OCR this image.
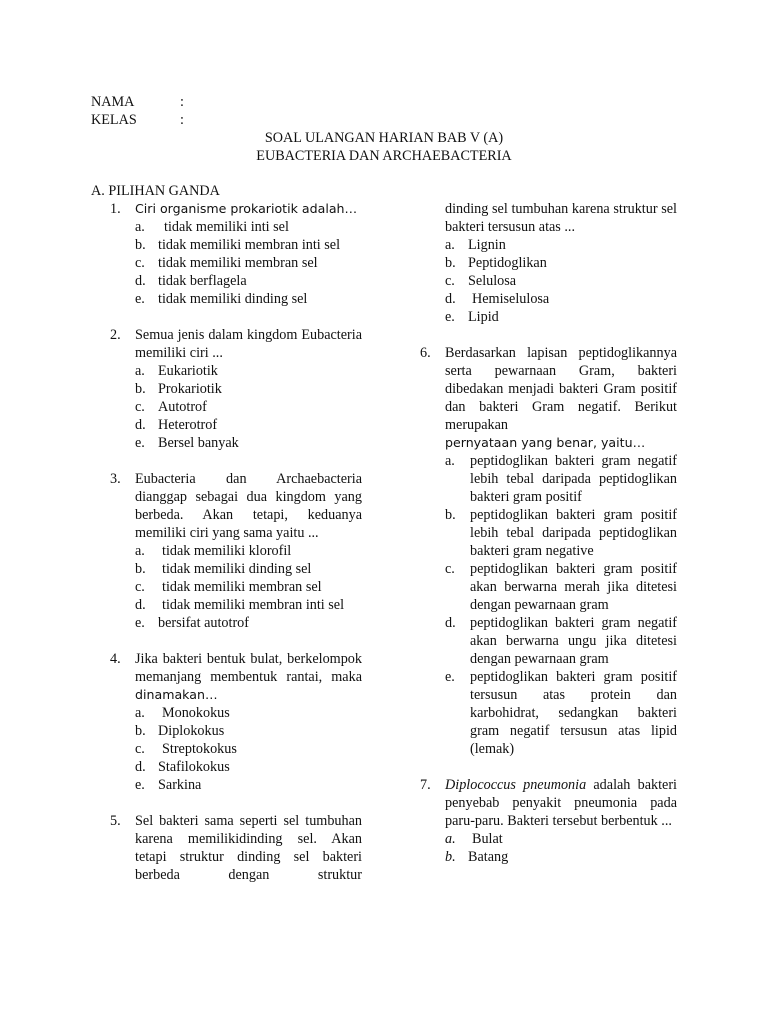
NAMA	:
KELAS	:
SOAL ULANGAN HARIAN BAB V (A)
EUBACTERIA DAN ARCHAEBACTERIA
A. PILIHAN GANDA
1. Ciri organisme prokariotik adalah…
a.	tidak memiliki inti sel
b. tidak memiliki membran inti sel
c. tidak memiliki membran sel
d. tidak berflagela
e. tidak memiliki dinding sel
2. Semua jenis dalam kingdom Eubacteria memiliki ciri ...
a. Eukariotik
b. Prokariotik
c. Autotrof
d. Heterotrof
e. Bersel banyak
3. Eubacteria dan Archaebacteria dianggap sebagai dua kingdom yang berbeda. Akan tetapi, keduanya memiliki ciri yang sama yaitu ...
a. tidak memiliki klorofil
b. tidak memiliki dinding sel
c. tidak memiliki membran sel
d. tidak memiliki membran inti sel
e. bersifat autotrof
4. Jika bakteri bentuk bulat, berkelompok memanjang membentuk rantai, maka
dinamakan…
a. Monokokus
b. Diplokokus
c. Streptokokus
d. Stafilokokus
e. Sarkina
5. Sel bakteri sama seperti sel tumbuhan karena memilikidinding sel. Akan tetapi struktur dinding sel bakteri berbeda dengan struktur
dinding sel tumbuhan karena struktur sel bakteri tersusun atas ...
a. Lignin
b. Peptidoglikan
c. Selulosa
d. Hemiselulosa
e. Lipid
6. Berdasarkan lapisan peptidoglikannya serta pewarnaan Gram, bakteri dibedakan menjadi bakteri Gram positif dan bakteri Gram negatif. Berikut merupakan
pernyataan yang benar, yaitu…
a. peptidoglikan bakteri gram negatif lebih tebal daripada peptidoglikan bakteri gram positif
b. peptidoglikan bakteri gram positif lebih tebal daripada peptidoglikan bakteri gram negative
c. peptidoglikan bakteri gram positif akan berwarna merah jika ditetesi dengan pewarnaan gram
d. peptidoglikan bakteri gram negatif akan berwarna ungu jika ditetesi dengan pewarnaan gram
e. peptidoglikan bakteri gram positif tersusun atas protein dan karbohidrat, sedangkan bakteri gram negatif tersusun atas lipid (lemak)
7. Diplococcus pneumonia adalah bakteri penyebab penyakit pneumonia pada paru-paru. Bakteri tersebut berbentuk ...
a. Bulat
b. Batang
